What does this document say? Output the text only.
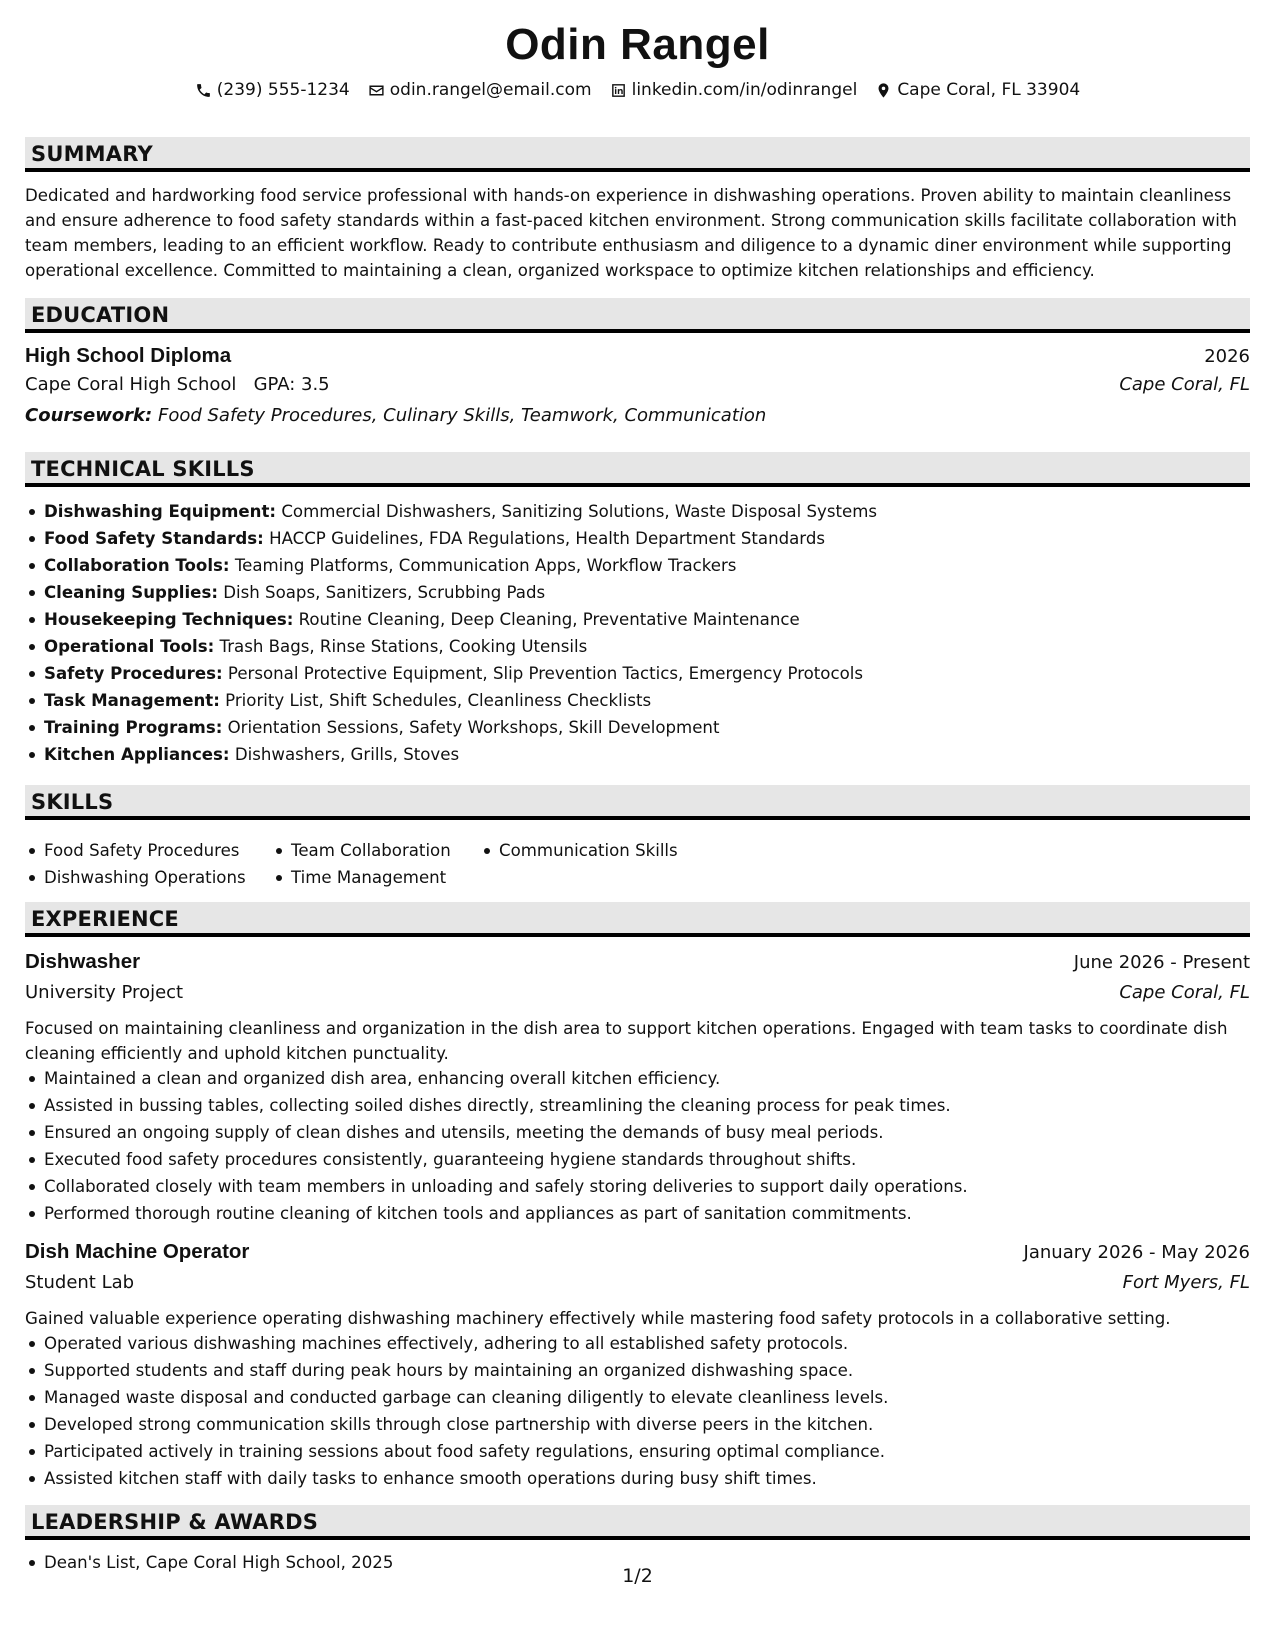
Odin Rangel
(239) 555-1234 odin.rangel@email.com linkedin.com/in/odinrangel Cape Coral, FL 33904
SUMMARY
Dedicated and hardworking food service professional with hands-on experience in dishwashing operations. Proven ability to maintain cleanliness and ensure adherence to food safety standards within a fast-paced kitchen environment. Strong communication skills facilitate collaboration with team members, leading to an efficient workflow. Ready to contribute enthusiasm and diligence to a dynamic diner environment while supporting operational excellence. Committed to maintaining a clean, organized workspace to optimize kitchen relationships and efficiency.
EDUCATION
High School Diploma	2026
Cape Coral High School GPA: 3.5	Cape Coral, FL
Coursework:
Food Safety Procedures, Culinary Skills, Teamwork, Communication
TECHNICAL SKILLS
Dishwashing Equipment: Commercial Dishwashers, Sanitizing Solutions, Waste Disposal Systems
Food Safety Standards: HACCP Guidelines, FDA Regulations, Health Department Standards
Collaboration Tools: Teaming Platforms, Communication Apps, Workflow Trackers
Cleaning Supplies: Dish Soaps, Sanitizers, Scrubbing Pads
Housekeeping Techniques: Routine Cleaning, Deep Cleaning, Preventative Maintenance
Operational Tools: Trash Bags, Rinse Stations, Cooking Utensils
Safety Procedures: Personal Protective Equipment, Slip Prevention Tactics, Emergency Protocols
Task Management: Priority List, Shift Schedules, Cleanliness Checklists
Training Programs: Orientation Sessions, Safety Workshops, Skill Development
Kitchen Appliances: Dishwashers, Grills, Stoves
SKILLS
Food Safety Procedures
Dishwashing Operations
Team Collaboration
Time Management
Communication Skills
EXPERIENCE
Dishwasher	June 2026 - Present
University Project	Cape Coral, FL
Focused on maintaining cleanliness and organization in the dish area to support kitchen operations. Engaged with team tasks to coordinate dish cleaning efficiently and uphold kitchen punctuality.
Maintained a clean and organized dish area, enhancing overall kitchen efficiency.
Assisted in bussing tables, collecting soiled dishes directly, streamlining the cleaning process for peak times.
Ensured an ongoing supply of clean dishes and utensils, meeting the demands of busy meal periods.
Executed food safety procedures consistently, guaranteeing hygiene standards throughout shifts.
Collaborated closely with team members in unloading and safely storing deliveries to support daily operations.
Performed thorough routine cleaning of kitchen tools and appliances as part of sanitation commitments.
Dish Machine Operator	January 2026 - May 2026
Student Lab	Fort Myers, FL
Gained valuable experience operating dishwashing machinery effectively while mastering food safety protocols in a collaborative setting.
Operated various dishwashing machines effectively, adhering to all established safety protocols.
Supported students and staff during peak hours by maintaining an organized dishwashing space.
Managed waste disposal and conducted garbage can cleaning diligently to elevate cleanliness levels.
Developed strong communication skills through close partnership with diverse peers in the kitchen.
Participated actively in training sessions about food safety regulations, ensuring optimal compliance.
Assisted kitchen staff with daily tasks to enhance smooth operations during busy shift times.
LEADERSHIP & AWARDS
Dean's List, Cape Coral High School, 2025
1/2
